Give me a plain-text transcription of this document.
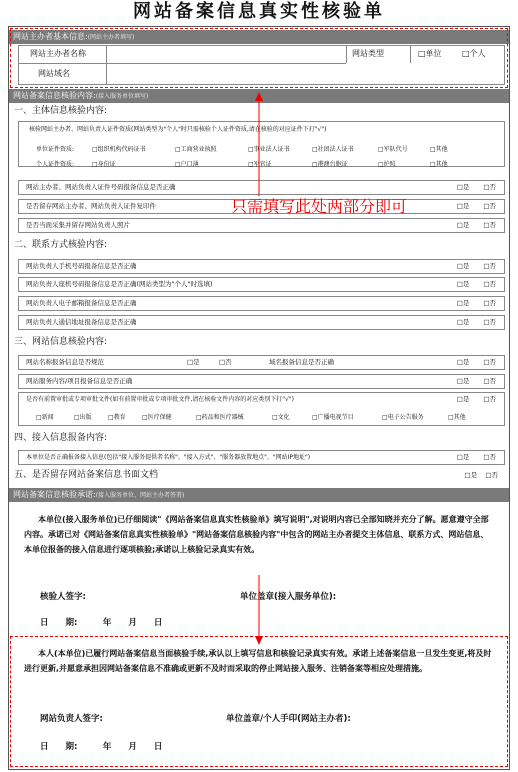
网站备案信息真实性核验单
网站主办者基本信息:(网站主办者填写)
网站主办者名称
网站域名
网站类型	□单位	□个人
网站备案信息核验内容:(接入服务单位填写)
一、主体信息核验内容:
核验网站主办者、网站负责人证件资质(网站类型为"个人"时只需核验个人证件资质,请在核验的对应证件下打"√")
单位证件资质:	□组织机构代码证书	□工商营业执照	□事业法人证书	□社团法人证书	□军队代号	□其他
个人证件资质:	□身份证	□户口薄	□军官证	□港澳台胞证	□护照	□其他
网站主办者、网站负责人证件号码报备信息是否正确	□是 □否
是否留存网站主办者、网站负责人证件复印件	□是 □否
是否当面采集并留存网站负责人照片	□是 □否
二、联系方式核验内容:
网站负责人手机号码报备信息是否正确	□是 □否
网站负责人座机号码报备信息是否正确(网站类型为"个人"时选填)	□是 □否
网站负责人电子邮箱报备信息是否正确	□是 □否
网站负责人通信地址报备信息是否正确	□是 □否
三、网站信息核验内容:
网站名称报备信息是否规范	□是	□否	域名报备信息是否正确	□是 □否
网站服务内容/项目报备信息是否正确	□是 □否
是否有前置审批或专项审批文件(如有前置审批或专项审批文件,请在核验文件内容的对应类别下打"√")	□是 □否
□新闻	□出版	□教育	□医疗保健	□药品和医疗器械	□文化	□广播电视节目	□电子公告服务	□其他
四、接入信息报备内容:
本单位是否正确报备接入信息(包括"接入服务提供者名称"、"接入方式"、"服务器放置地点"、"网站IP地址")	□是 □否
五、是否留存网站备案信息书面文档	□是 □否
网站备案信息核验承诺:(接入服务单位、网站主办者签署)
本单位(接入服务单位)已仔细阅读"《网站备案信息真实性核验单》填写说明",对说明内容已全部知晓并充分了解。愿意遵守全部内容。承诺已对《网站备案信息真实性核验单》"网站备案信息核验内容"中包含的网站主办者提交主体信息、联系方式、网站信息、本单位报备的接入信息进行逐项核验;承诺以上核验记录真实有效。
核验人签字:	单位盖章(接入服务单位):
日　　期:　　　年　　月　　日
本人(本单位)已履行网站备案信息当面核验手续,承认以上填写信息和核验记录真实有效。承诺上述备案信息一旦发生变更,将及时进行更新,并愿意承担因网站备案信息不准确或更新不及时而采取的停止网站接入服务、注销备案等相应处理措施。
网站负责人签字:	单位盖章/个人手印(网站主办者):
日　　期:　　　年　　月　　日
只需填写此处两部分即可
